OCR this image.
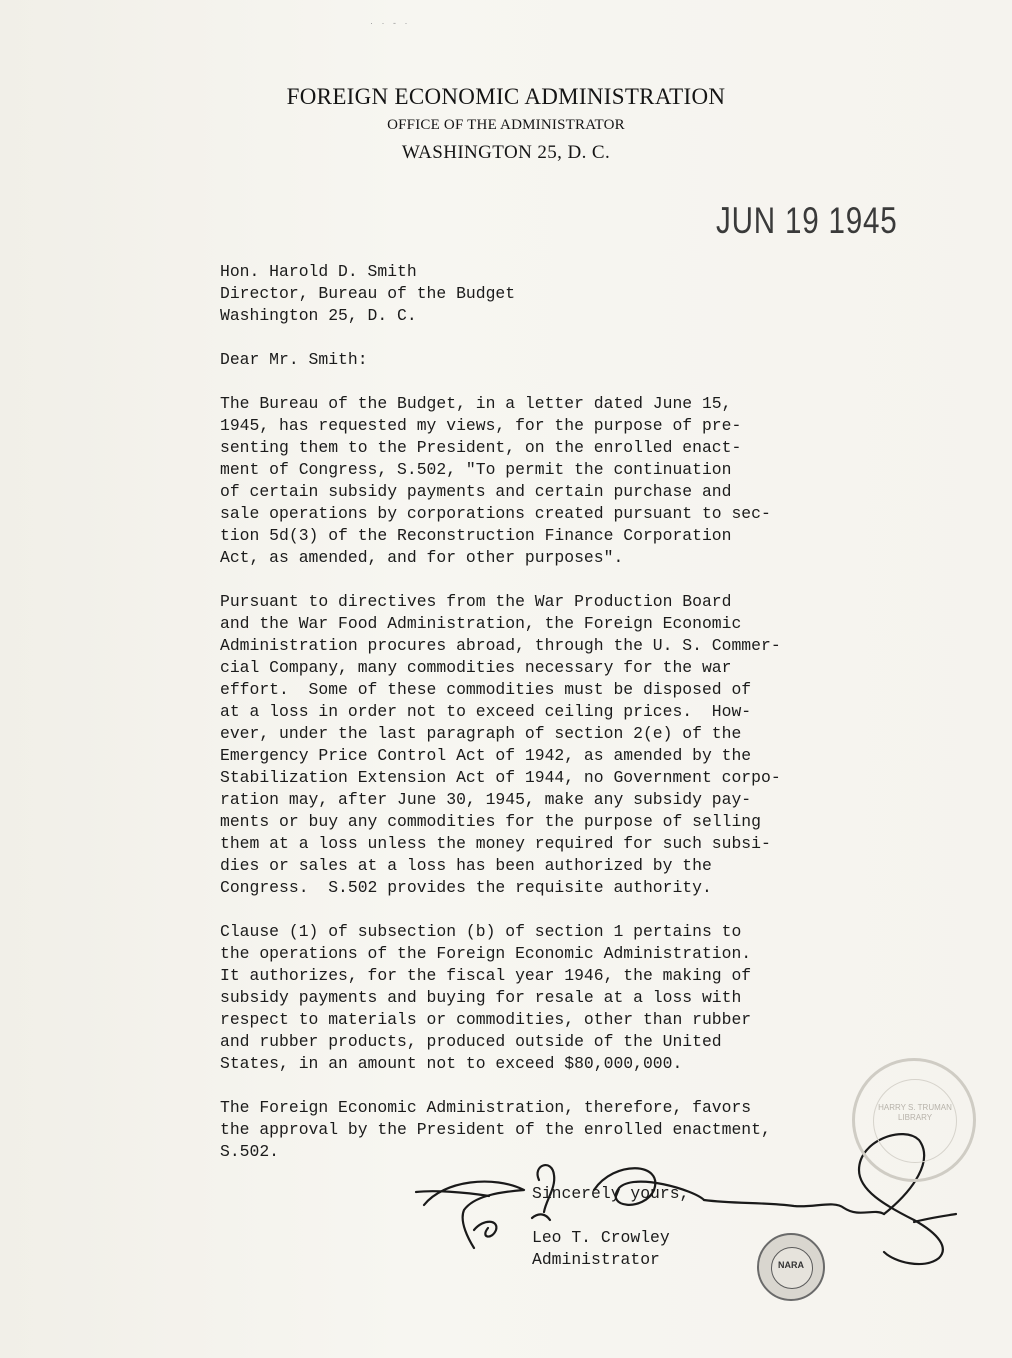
· · - ·
FOREIGN ECONOMIC ADMINISTRATION
OFFICE OF THE ADMINISTRATOR
WASHINGTON 25, D. C.
JUN 19 1945
Hon. Harold D. Smith
Director, Bureau of the Budget
Washington 25, D. C.
Dear Mr. Smith:
The Bureau of the Budget, in a letter dated June 15,
1945, has requested my views, for the purpose of pre-
senting them to the President, on the enrolled enact-
ment of Congress, S.502, "To permit the continuation
of certain subsidy payments and certain purchase and
sale operations by corporations created pursuant to sec-
tion 5d(3) of the Reconstruction Finance Corporation
Act, as amended, and for other purposes".
Pursuant to directives from the War Production Board
and the War Food Administration, the Foreign Economic
Administration procures abroad, through the U. S. Commer-
cial Company, many commodities necessary for the war
effort.  Some of these commodities must be disposed of
at a loss in order not to exceed ceiling prices.  How-
ever, under the last paragraph of section 2(e) of the
Emergency Price Control Act of 1942, as amended by the
Stabilization Extension Act of 1944, no Government corpo-
ration may, after June 30, 1945, make any subsidy pay-
ments or buy any commodities for the purpose of selling
them at a loss unless the money required for such subsi-
dies or sales at a loss has been authorized by the
Congress.  S.502 provides the requisite authority.
Clause (1) of subsection (b) of section 1 pertains to
the operations of the Foreign Economic Administration.
It authorizes, for the fiscal year 1946, the making of
subsidy payments and buying for resale at a loss with
respect to materials or commodities, other than rubber
and rubber products, produced outside of the United
States, in an amount not to exceed $80,000,000.
The Foreign Economic Administration, therefore, favors
the approval by the President of the enrolled enactment,
S.502.
Sincerely yours,
Leo T. Crowley
Administrator
HARRY S. TRUMAN LIBRARY
NARA
